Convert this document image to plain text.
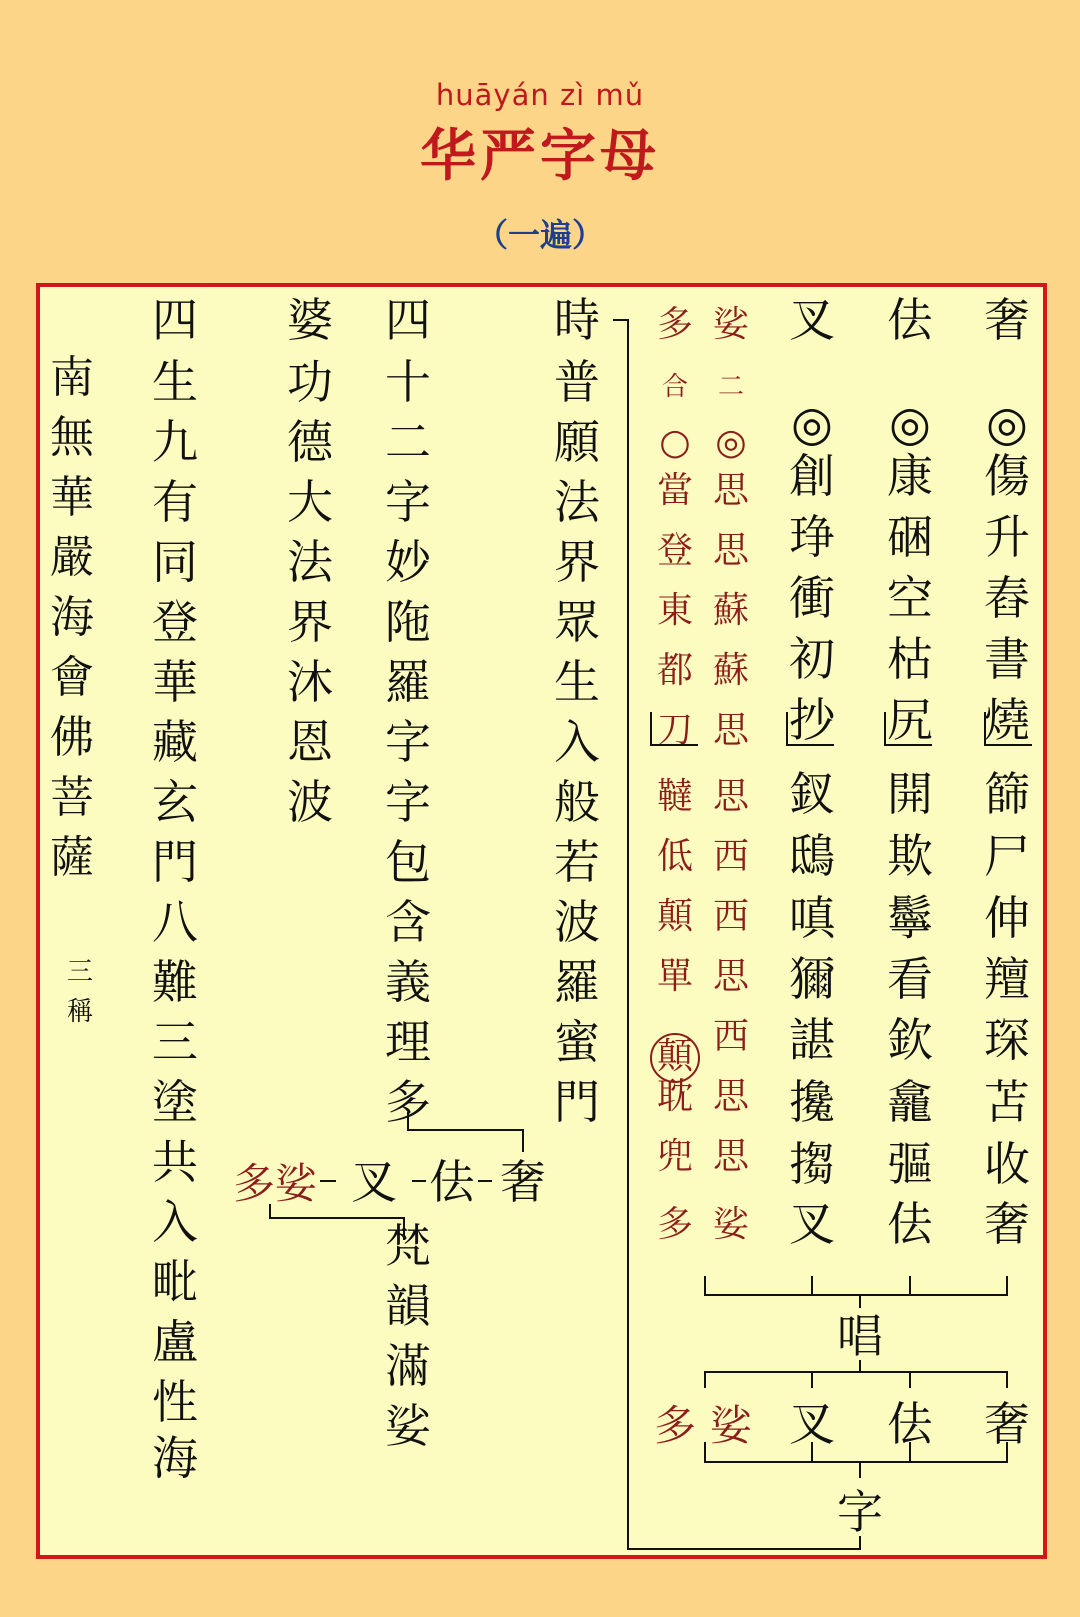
huāyán zì mǔ
华严字母
（一遍）
奢
◎
傷
升
舂
書
燒
篩
尸
伸
羶
琛
苫
收
奢
佉
◎
康
硱
空
枯
尻
開
欺
鬡
看
欽
龕
彄
佉
叉
◎
創
琤
衝
初
抄
釵
鴟
嗔
獮
諶
攙
搊
叉
娑
二
◎
思
思
蘇
蘇
思
思
西
西
思
西
思
思
娑
多
合
○
當
登
東
都
刀
韃
低
顛
單
顛
耽
兜
多
時
普
願
法
界
眾
生
入
般
若
波
羅
蜜
門
四
十
二
字
妙
陁
羅
字
字
包
含
義
理
多
婆
功
德
大
法
界
沐
恩
波
四
生
九
有
同
登
華
藏
玄
門
八
難
三
塗
共
入
毗
盧
性
海
南
無
華
嚴
海
會
佛
菩
薩
三
稱
梵
韻
滿
娑
唱
字
多娑 叉 佉 奢
多 娑 叉 佉 奢
